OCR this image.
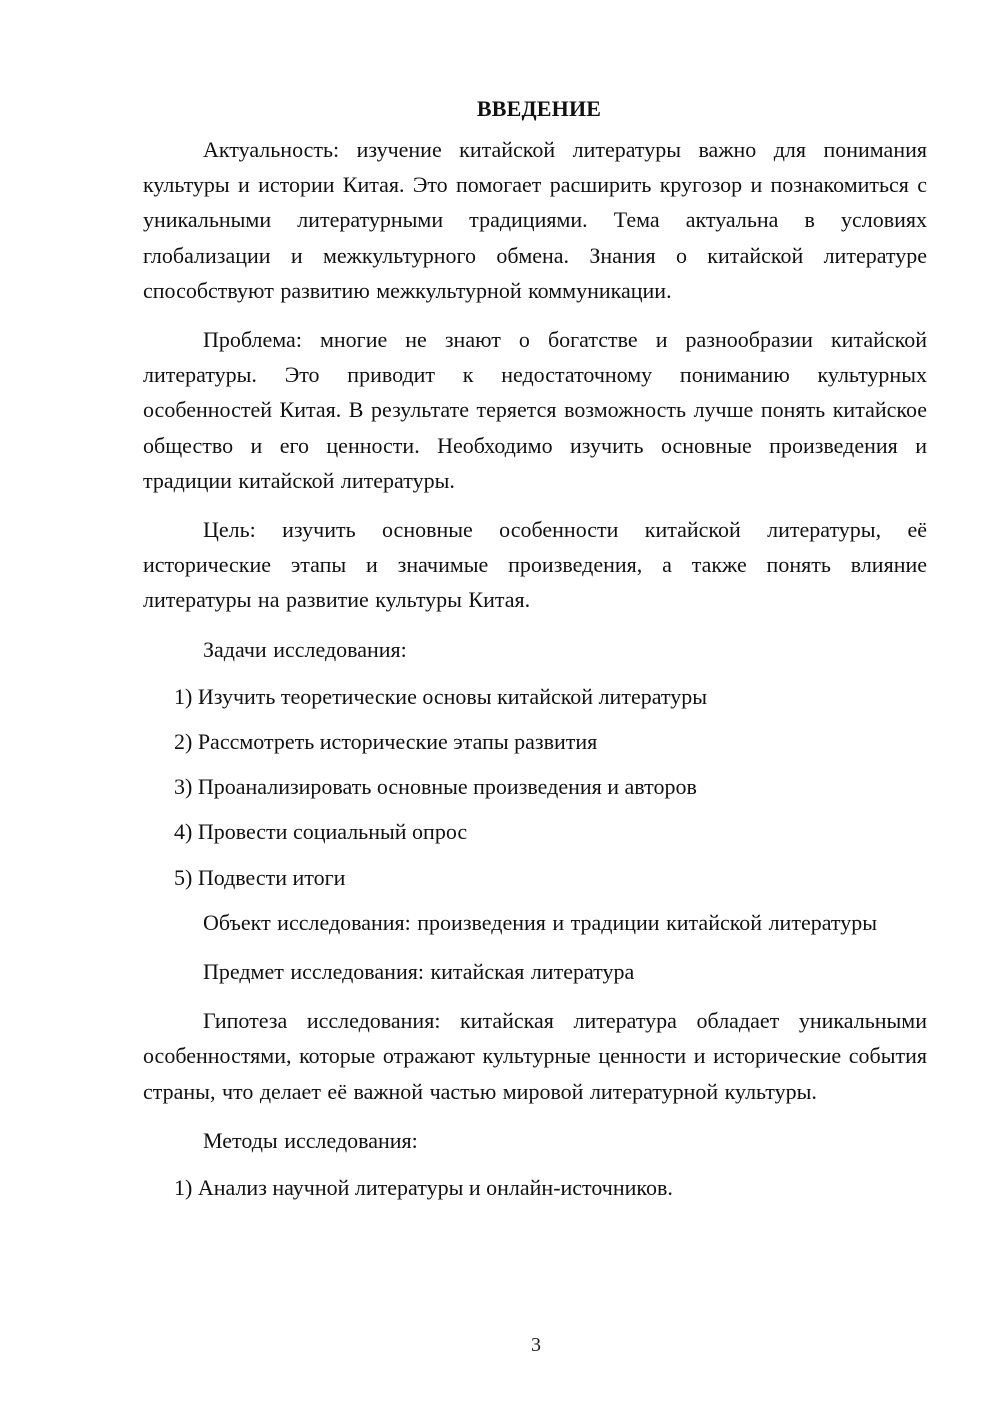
ВВЕДЕНИЕ

Актуальность: изучение китайской литературы важно для понимания культуры и истории Китая. Это помогает расширить кругозор и познакомиться с уникальными литературными традициями. Тема актуальна в условиях глобализации и межкультурного обмена. Знания о китайской литературе способствуют развитию межкультурной коммуникации.

Проблема: многие не знают о богатстве и разнообразии китайской литературы. Это приводит к недостаточному пониманию культурных особенностей Китая. В результате теряется возможность лучше понять китайское общество и его ценности. Необходимо изучить основные произведения и традиции китайской литературы.

Цель: изучить основные особенности китайской литературы, её исторические этапы и значимые произведения, а также понять влияние литературы на развитие культуры Китая.

Задачи исследования:

1) Изучить теоретические основы китайской литературы
2) Рассмотреть исторические этапы развития
3) Проанализировать основные произведения и авторов
4) Провести социальный опрос
5) Подвести итоги

Объект исследования: произведения и традиции китайской литературы

Предмет исследования: китайская литература

Гипотеза исследования: китайская литература обладает уникальными особенностями, которые отражают культурные ценности и исторические события страны, что делает её важной частью мировой литературной культуры.

Методы исследования:

1) Анализ научной литературы и онлайн-источников.
3
